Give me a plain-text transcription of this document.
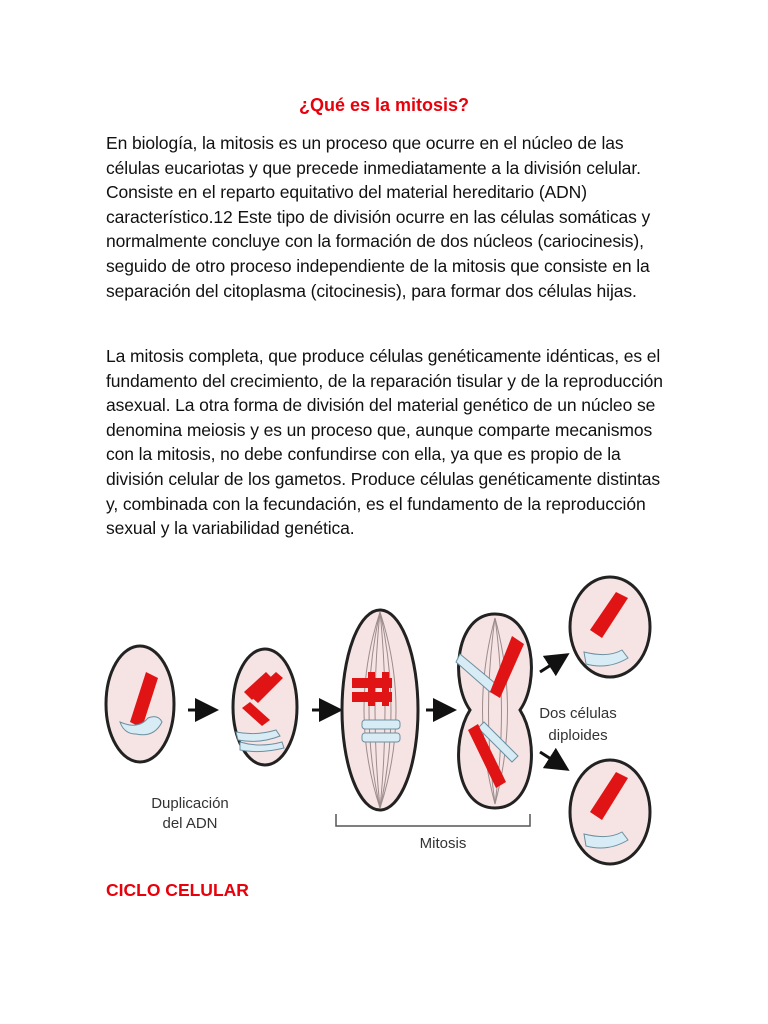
¿Qué es la mitosis?

En biología, la mitosis es un proceso que ocurre en el núcleo de las células eucariotas y que precede inmediatamente a la división celular. Consiste en el reparto equitativo del material hereditario (ADN) característico.12 Este tipo de división ocurre en las células somáticas y normalmente concluye con la formación de dos núcleos (cariocinesis), seguido de otro proceso independiente de la mitosis que consiste en la separación del citoplasma (citocinesis), para formar dos células hijas.

La mitosis completa, que produce células genéticamente idénticas, es el fundamento del crecimiento, de la reparación tisular y de la reproducción asexual. La otra forma de división del material genético de un núcleo se denomina meiosis y es un proceso que, aunque comparte mecanismos con la mitosis, no debe confundirse con ella, ya que es propio de la división celular de los gametos. Produce células genéticamente distintas y, combinada con la fecundación, es el fundamento de la reproducción sexual y la variabilidad genética.

Duplicación
del ADN
Mitosis
Dos células
diploides
CICLO CELULAR
